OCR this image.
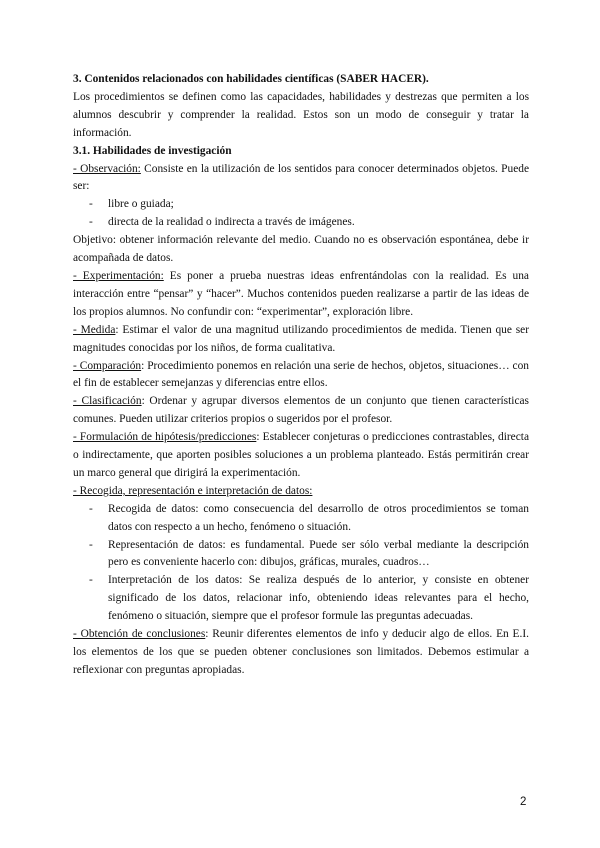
3. Contenidos relacionados con habilidades científicas (SABER HACER).

Los procedimientos se definen como las capacidades, habilidades y destrezas que permiten a los alumnos descubrir y comprender la realidad. Estos son un modo de conseguir y tratar la información.

3.1. Habilidades de investigación

- Observación: Consiste en la utilización de los sentidos para conocer determinados objetos. Puede ser:

- libre o guiada;
- directa de la realidad o indirecta a través de imágenes.

Objetivo: obtener información relevante del medio. Cuando no es observación espontánea, debe ir acompañada de datos.

- Experimentación: Es poner a prueba nuestras ideas enfrentándolas con la realidad. Es una interacción entre “pensar” y “hacer”. Muchos contenidos pueden realizarse a partir de las ideas de los propios alumnos. No confundir con: “experimentar”, exploración libre.

- Medida: Estimar el valor de una magnitud utilizando procedimientos de medida. Tienen que ser magnitudes conocidas por los niños, de forma cualitativa.

- Comparación: Procedimiento ponemos en relación una serie de hechos, objetos, situaciones… con el fin de establecer semejanzas y diferencias entre ellos.

- Clasificación: Ordenar y agrupar diversos elementos de un conjunto que tienen características comunes. Pueden utilizar criterios propios o sugeridos por el profesor.

- Formulación de hipótesis/predicciones: Establecer conjeturas o predicciones contrastables, directa o indirectamente, que aporten posibles soluciones a un problema planteado. Estás permitirán crear un marco general que dirigirá la experimentación.

- Recogida, representación e interpretación de datos:

- Recogida de datos: como consecuencia del desarrollo de otros procedimientos se toman datos con respecto a un hecho, fenómeno o situación.
- Representación de datos: es fundamental. Puede ser sólo verbal mediante la descripción pero es conveniente hacerlo con: dibujos, gráficas, murales, cuadros…
- Interpretación de los datos: Se realiza después de lo anterior, y consiste en obtener significado de los datos, relacionar info, obteniendo ideas relevantes para el hecho, fenómeno o situación, siempre que el profesor formule las preguntas adecuadas.

- Obtención de conclusiones: Reunir diferentes elementos de info y deducir algo de ellos. En E.I. los elementos de los que se pueden obtener conclusiones son limitados. Debemos estimular a reflexionar con preguntas apropiadas.

2
